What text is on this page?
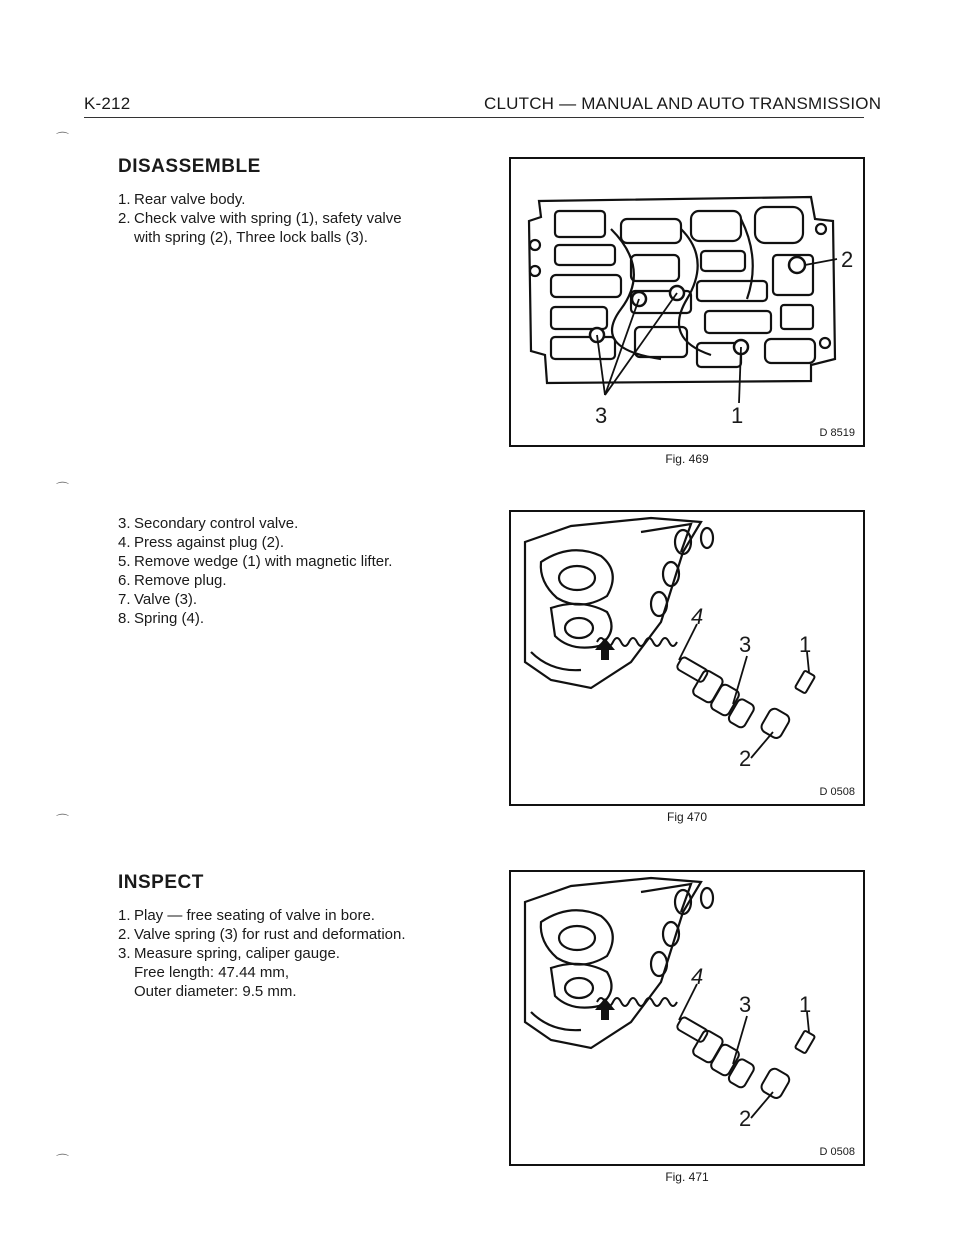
K-212	CLUTCH — MANUAL AND AUTO TRANSMISSION
⌒
⌒
⌒
⌒
DISASSEMBLE
1. Rear valve body.
2. Check valve with spring (1), safety valve
with spring (2), Three lock balls (3).
3. Secondary control valve.
4. Press against plug (2).
5. Remove wedge (1) with magnetic lifter.
6. Remove plug.
7. Valve (3).
8. Spring (4).
INSPECT
1. Play — free seating of valve in bore.
2. Valve spring (3) for rust and deformation.
3. Measure spring, caliper gauge.
Free length: 47.44 mm,
Outer diameter: 9.5 mm.
2
3	1
D 8519
Fig. 469
4
3 1
2
D 0508
Fig 470
4
3 1
2
D 0508
Fig. 471
